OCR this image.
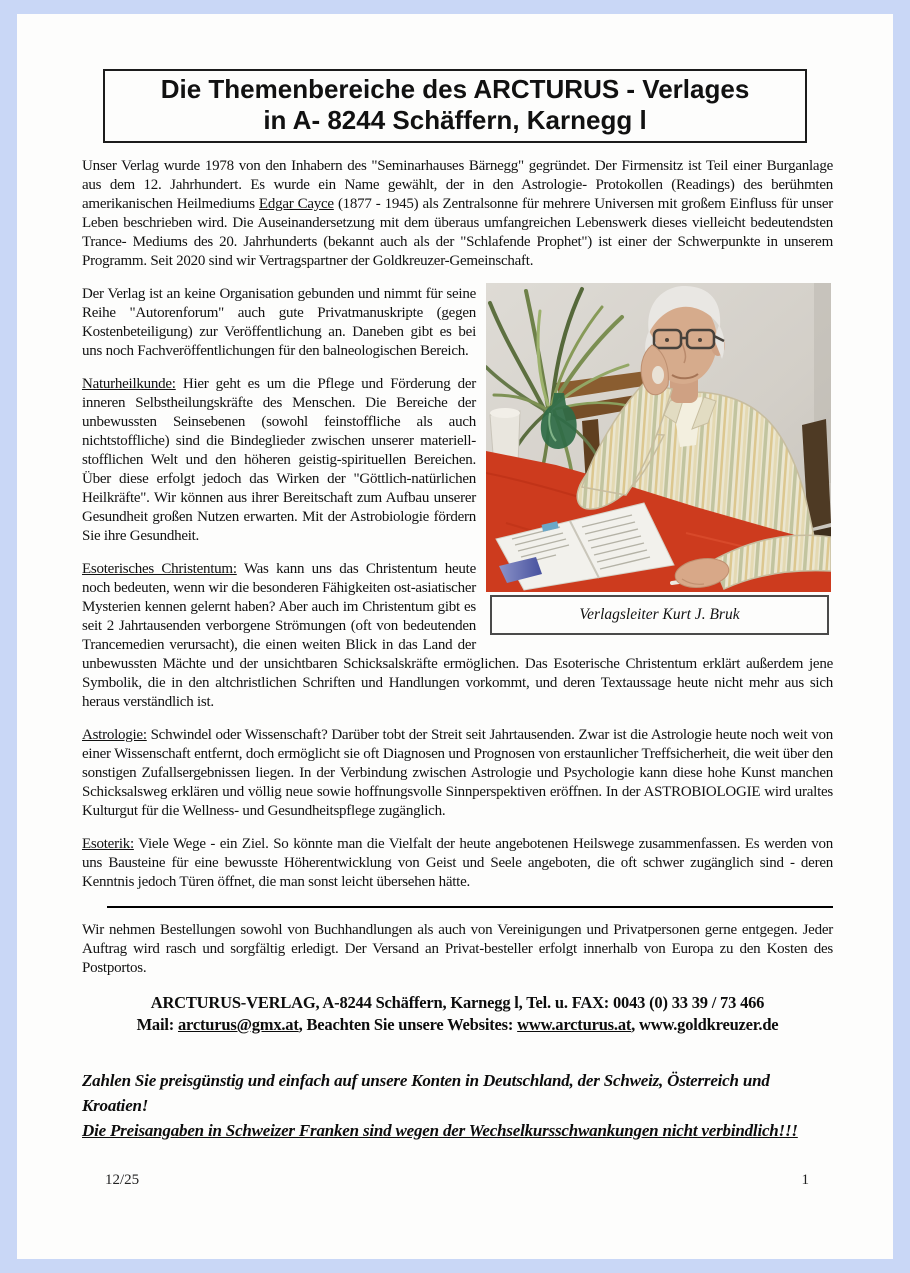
Die Themenbereiche des ARCTURUS - Verlages
in A- 8244 Schäffern, Karnegg l

Unser Verlag wurde 1978 von den Inhabern des "Seminarhauses Bärnegg" gegründet. Der Firmensitz ist Teil einer Burganlage aus dem 12. Jahrhundert. Es wurde ein Name gewählt, der in den Astrologie- Protokollen (Readings) des berühmten amerikanischen Heilmediums Edgar Cayce (1877 - 1945) als Zentralsonne für mehrere Universen mit großem Einfluss für unser Leben beschrieben wird. Die Auseinandersetzung mit dem überaus umfangreichen Lebenswerk dieses vielleicht bedeutendsten Trance- Mediums des 20. Jahrhunderts (bekannt auch als der "Schlafende Prophet") ist einer der Schwerpunkte in unserem Programm. Seit 2020 sind wir Vertragspartner der Goldkreuzer-Gemeinschaft.

Verlagsleiter Kurt J. Bruk

Der Verlag ist an keine Organisation gebunden und nimmt für seine Reihe "Autorenforum" auch gute Privatmanuskripte (gegen Kostenbeteiligung) zur Veröffentlichung an. Daneben gibt es bei uns noch Fachveröffentlichungen für den balneologischen Bereich.

Naturheilkunde: Hier geht es um die Pflege und Förderung der inneren Selbstheilungskräfte des Menschen. Die Bereiche der unbewussten Seinsebenen (sowohl feinstoffliche als auch nichtstoffliche) sind die Bindeglieder zwischen unserer materiell-stofflichen Welt und den höheren geistig-spirituellen Bereichen. Über diese erfolgt jedoch das Wirken der "Göttlich-natürlichen Heilkräfte". Wir können aus ihrer Bereitschaft zum Aufbau unserer Gesundheit großen Nutzen erwarten. Mit der Astrobiologie fördern Sie ihre Gesundheit.

Esoterisches Christentum: Was kann uns das Christentum heute noch bedeuten, wenn wir die besonderen Fähigkeiten ost-asiatischer Mysterien kennen gelernt haben? Aber auch im Christentum gibt es seit 2 Jahrtausenden verborgene Strömungen (oft von bedeutenden Trancemedien verursacht), die einen weiten Blick in das Land der unbewussten Mächte und der unsichtbaren Schicksalskräfte ermöglichen. Das Esoterische Christentum erklärt außerdem jene Symbolik, die in den altchristlichen Schriften und Handlungen vorkommt, und deren Textaussage heute nicht mehr aus sich heraus verständlich ist.

Astrologie: Schwindel oder Wissenschaft? Darüber tobt der Streit seit Jahrtausenden. Zwar ist die Astrologie heute noch weit von einer Wissenschaft entfernt, doch ermöglicht sie oft Diagnosen und Prognosen von erstaunlicher Treffsicherheit, die weit über den sonstigen Zufallsergebnissen liegen. In der Verbindung zwischen Astrologie und Psychologie kann diese hohe Kunst manchen Schicksalsweg erklären und völlig neue sowie hoffnungsvolle Sinnperspektiven eröffnen. In der ASTROBIOLOGIE wird uraltes Kulturgut für die Wellness- und Gesundheitspflege zugänglich.

Esoterik: Viele Wege - ein Ziel. So könnte man die Vielfalt der heute angebotenen Heilswege zusammenfassen. Es werden von uns Bausteine für eine bewusste Höherentwicklung von Geist und Seele angeboten, die oft schwer zugänglich sind - deren Kenntnis jedoch Türen öffnet, die man sonst leicht übersehen hätte.

Wir nehmen Bestellungen sowohl von Buchhandlungen als auch von Vereinigungen und Privatpersonen gerne entgegen. Jeder Auftrag wird rasch und sorgfältig erledigt. Der Versand an Privat-besteller erfolgt innerhalb von Europa zu den Kosten des Postportos.

ARCTURUS-VERLAG, A-8244 Schäffern, Karnegg l, Tel. u. FAX: 0043 (0) 33 39 / 73 466
Mail: arcturus@gmx.at, Beachten Sie unsere Websites: www.arcturus.at, www.goldkreuzer.de
Zahlen Sie preisgünstig und einfach auf unsere Konten in Deutschland, der Schweiz, Österreich und Kroatien!
Die Preisangaben in Schweizer Franken sind wegen der Wechselkursschwankungen nicht verbindlich!!!
12/25	1
